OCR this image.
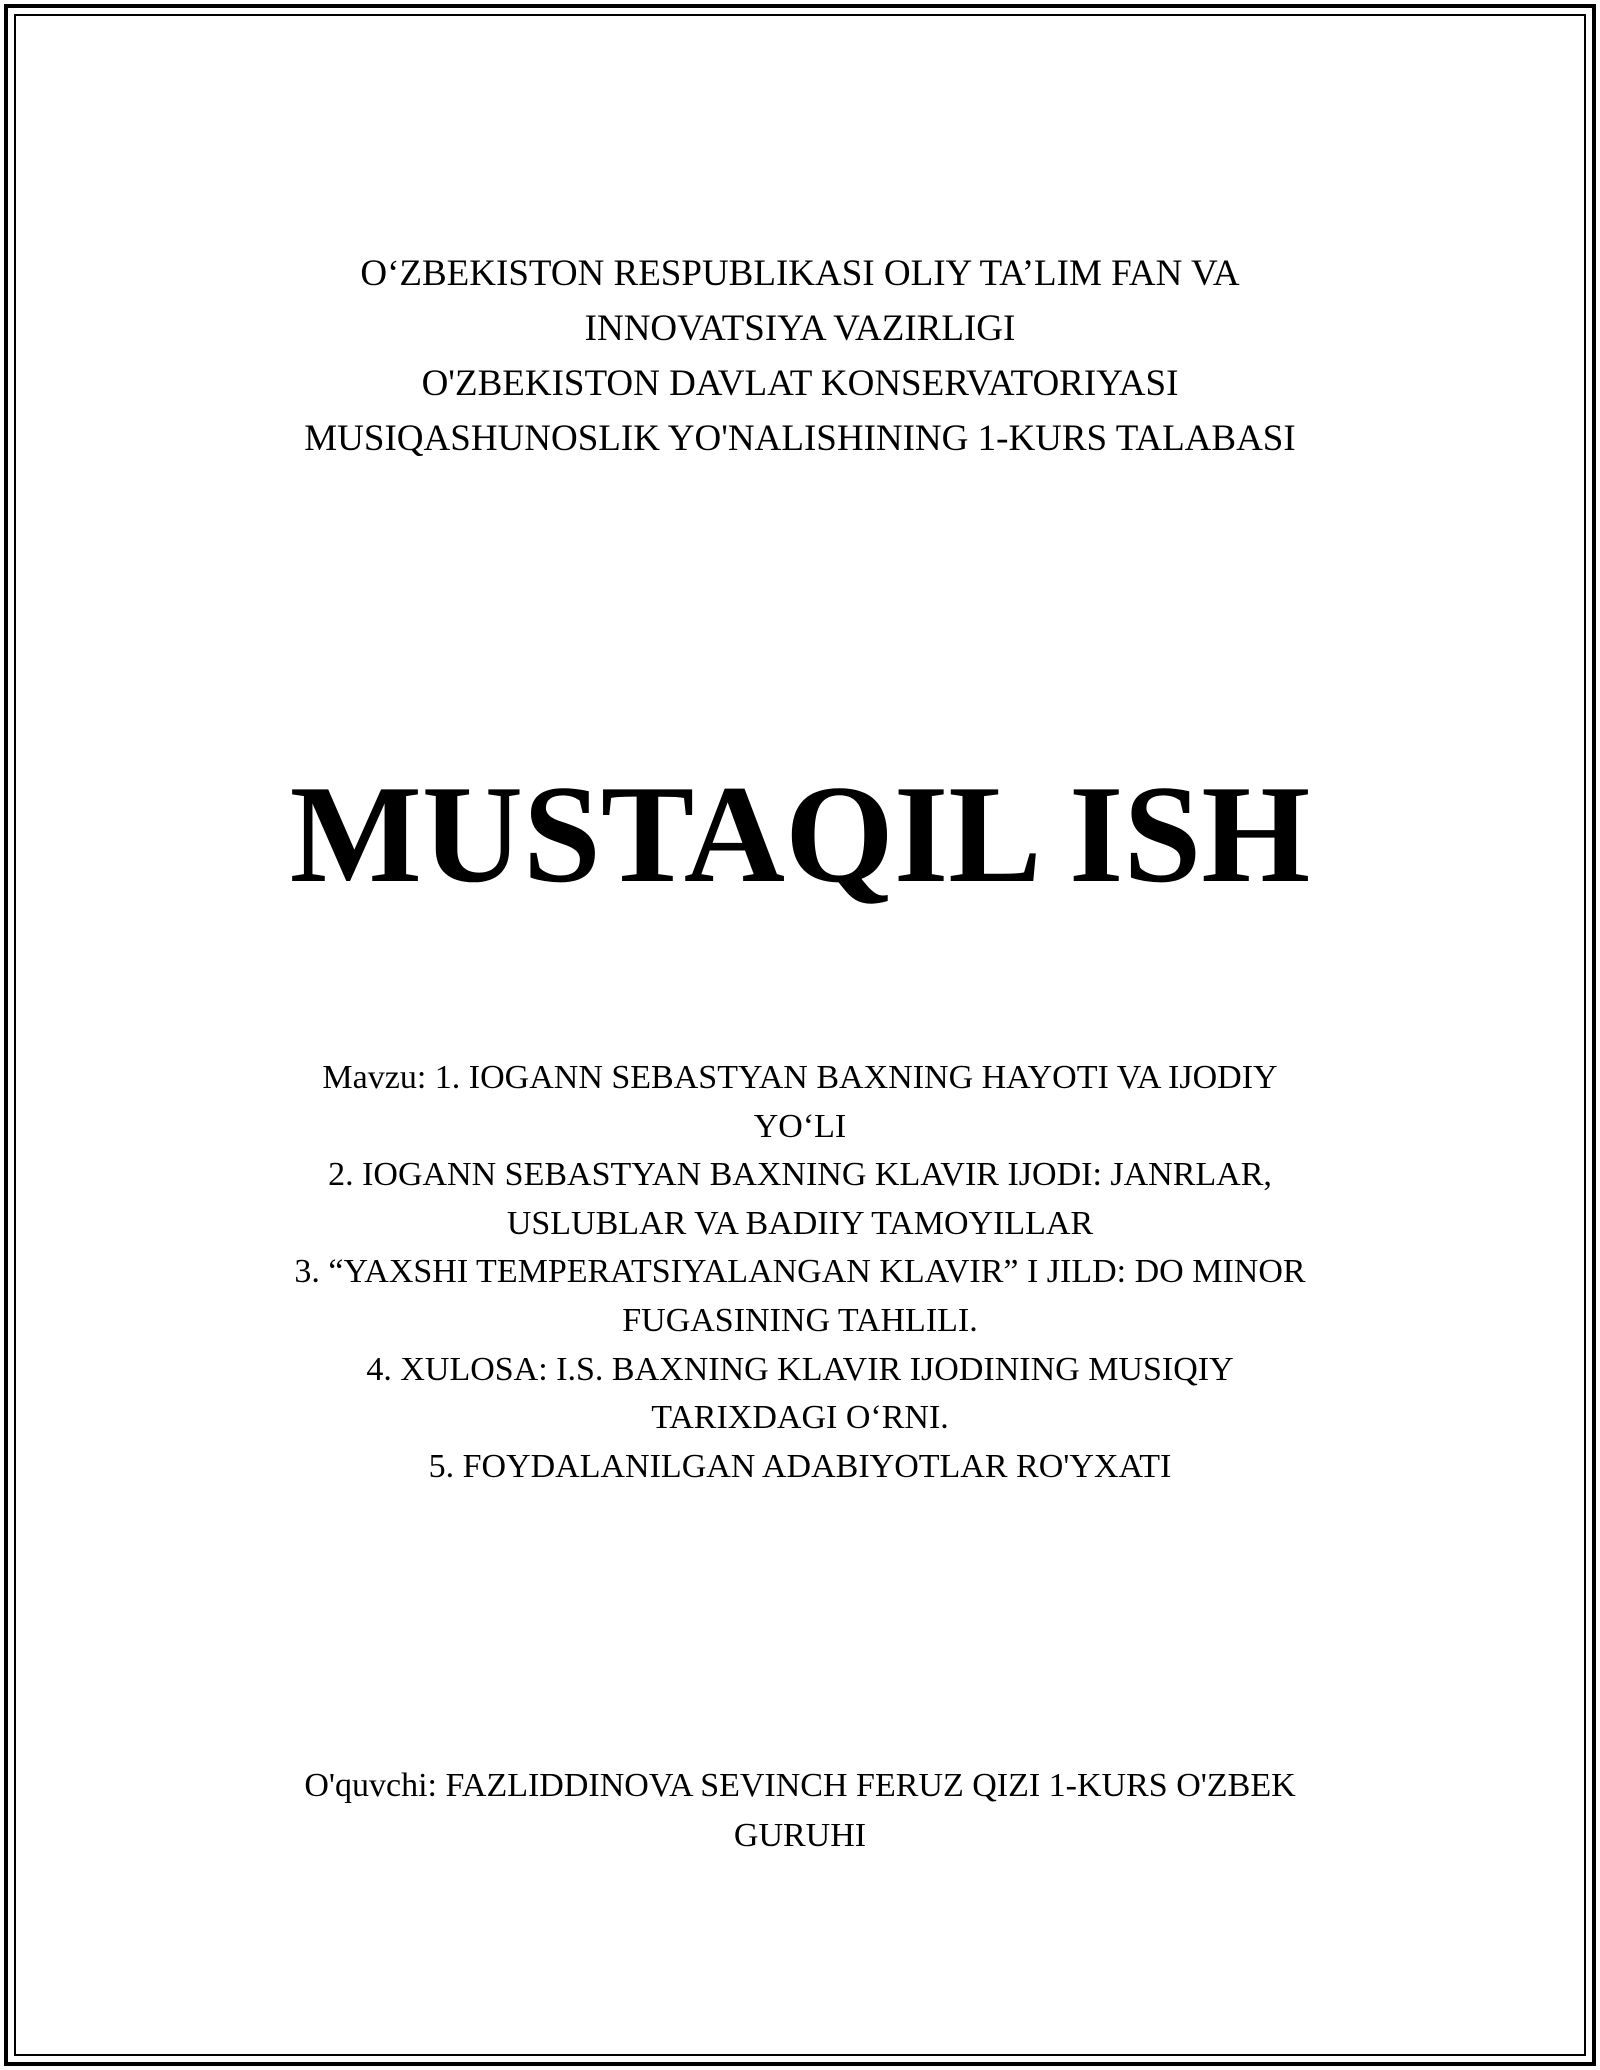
O‘ZBEKISTON RESPUBLIKASI OLIY TA’LIM FAN VA
INNOVATSIYA VAZIRLIGI
O'ZBEKISTON DAVLAT KONSERVATORIYASI
MUSIQASHUNOSLIK YO'NALISHINING 1-KURS TALABASI
MUSTAQIL ISH
Mavzu: 1. IOGANN SEBASTYAN BAXNING HAYOTI VA IJODIY
YO‘LI
2. IOGANN SEBASTYAN BAXNING KLAVIR IJODI: JANRLAR,
USLUBLAR VA BADIIY TAMOYILLAR
3. “YAXSHI TEMPERATSIYALANGAN KLAVIR” I JILD: DO MINOR
FUGASINING TAHLILI.
4. XULOSA: I.S. BAXNING KLAVIR IJODINING MUSIQIY
TARIXDAGI O‘RNI.
5. FOYDALANILGAN ADABIYOTLAR RO'YXATI
O'quvchi: FAZLIDDINOVA SEVINCH FERUZ QIZI 1-KURS O'ZBEK
GURUHI
